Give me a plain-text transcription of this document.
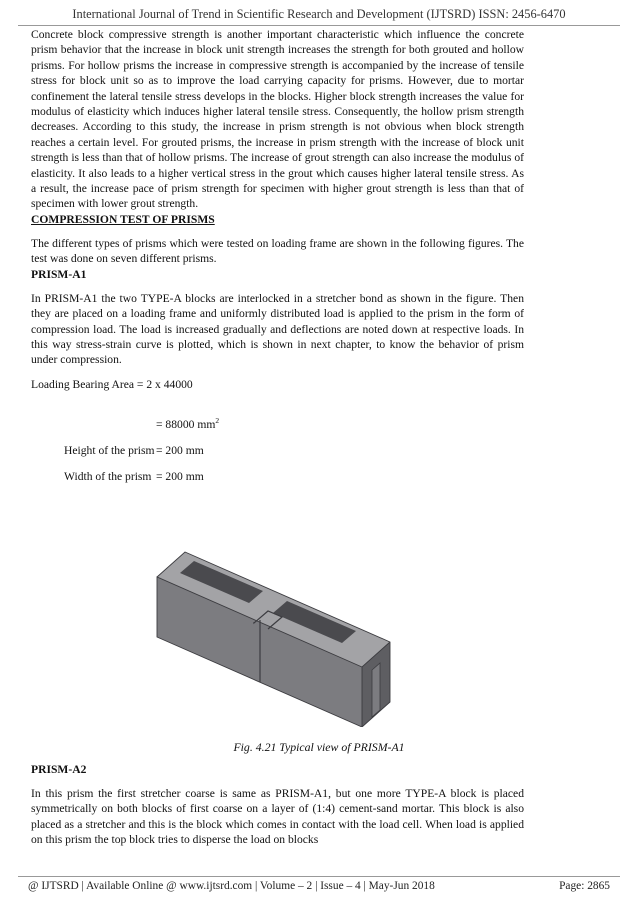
International Journal of Trend in Scientific Research and Development (IJTSRD) ISSN: 2456-6470

Concrete block compressive strength is another important characteristic which influence the concrete prism behavior that the increase in block unit strength increases the strength for both grouted and hollow prisms. For hollow prisms the increase in compressive strength is accompanied by the increase of tensile stress for block unit so as to improve the load carrying capacity for prisms. However, due to mortar confinement the lateral tensile stress develops in the blocks. Higher block strength increases the value for modulus of elasticity which induces higher lateral tensile stress. Consequently, the hollow prism strength decreases. According to this study, the increase in prism strength is not obvious when block strength reaches a certain level. For grouted prisms, the increase in prism strength with the increase of block unit strength is less than that of hollow prisms. The increase of grout strength can also increase the modulus of elasticity. It also leads to a higher vertical stress in the grout which causes higher lateral tensile stress. As a result, the increase pace of prism strength for specimen with higher grout strength is less than that of specimen with lower grout strength.

COMPRESSION TEST OF PRISMS

The different types of prisms which were tested on loading frame are shown in the following figures. The test was done on seven different prisms.

PRISM-A1

In PRISM-A1 the two TYPE-A blocks are interlocked in a stretcher bond as shown in the figure. Then they are placed on a loading frame and uniformly distributed load is applied to the prism in the form of compression load. The load is increased gradually and deflections are noted down at respective loads. In this way stress-strain curve is plotted, which is shown in next chapter, to know the behavior of prism under compression.

Loading Bearing Area = 2 x 44000

= 88000 $mm^2$
Height of the prism = 200 mm
Width of the prism = 200 mm
Fig. 4.21 Typical view of PRISM-A1

PRISM-A2

In this prism the first stretcher coarse is same as PRISM-A1, but one more TYPE-A block is placed symmetrically on both blocks of first coarse on a layer of (1:4) cement-sand mortar. This block is also placed as a stretcher and this is the block which comes in contact with the load cell. When load is applied on this prism the top block tries to disperse the load on blocks

@ IJTSRD | Available Online @ www.ijtsrd.com | Volume – 2 | Issue – 4 | May-Jun 2018	Page: 2865
